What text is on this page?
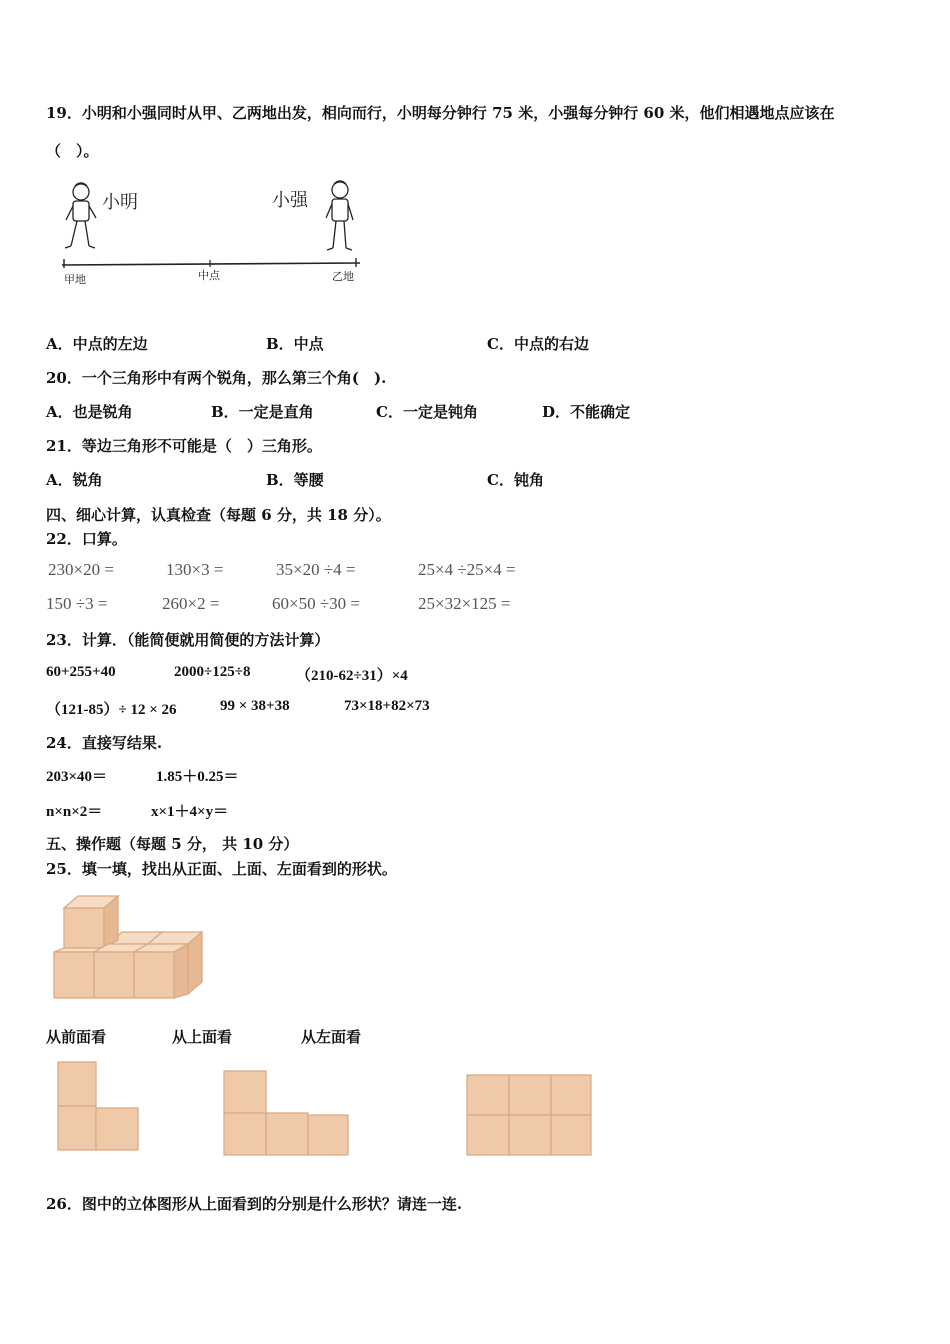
19．小明和小强同时从甲、乙两地出发，相向而行，小明每分钟行 75 米，小强每分钟行 60 米，他们相遇地点应该在
（　）。
小明	小强
甲地	中点	乙地
A．中点的左边	B．中点	C．中点的右边
20．一个三角形中有两个锐角，那么第三个角(　).
A．也是锐角	B．一定是直角	C．一定是钝角	D．不能确定
21．等边三角形不可能是（　）三角形。
A．锐角	B．等腰	C．钝角
四、细心计算，认真检查（每题 6 分，共 18 分）。
22．口算。
230×20 =	130×3 =	35×20 ÷4 =	25×4 ÷25×4 =
150 ÷3 =	260×2 =	60×50 ÷30 =	25×32×125 =
23．计算．（能简便就用简便的方法计算）
60+255+40	2000÷125÷8	（210-62÷31）×4
（121-85）÷ 12 × 26	99 × 38+38	73×18+82×73
24．直接写结果.
203×40＝	1.85＋0.25＝
n×n×2＝	x×1＋4×y＝
五、操作题（每题 5 分， 共 10 分）
25．填一填，找出从正面、上面、左面看到的形状。
从前面看	从上面看	从左面看
26．图中的立体图形从上面看到的分别是什么形状？请连一连.
